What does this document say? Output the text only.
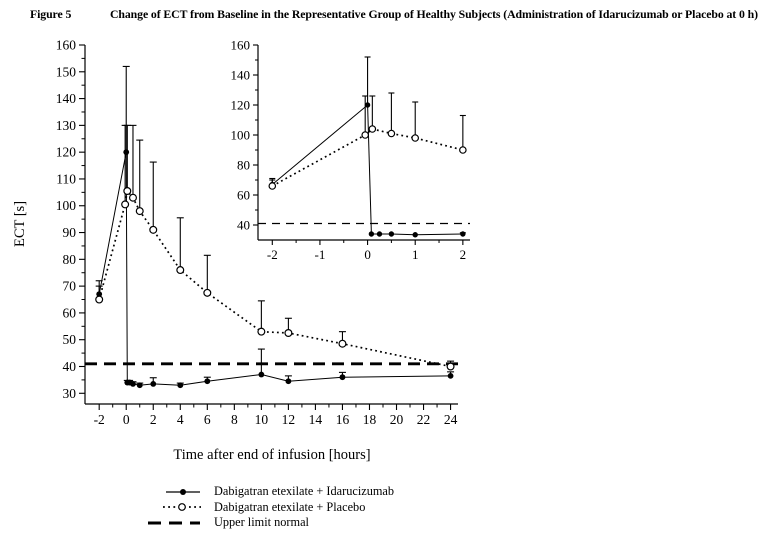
Figure 5	Change of ECT from Baseline in the Representative Group of Healthy Subjects (Administration of Idarucizumab or Placebo at 0 h)
30
40
50
60
70
80
90
100
110
120
130
140
150
160
-2 0 2 4 6 8 10 12 14 16 18 20 22 24
40
60
80
100
120
140
160
-2	-1	0	1	2
ECT [s]
Time after end of infusion [hours]
Dabigatran etexilate + Idarucizumab
Dabigatran etexilate + Placebo
Upper limit normal
